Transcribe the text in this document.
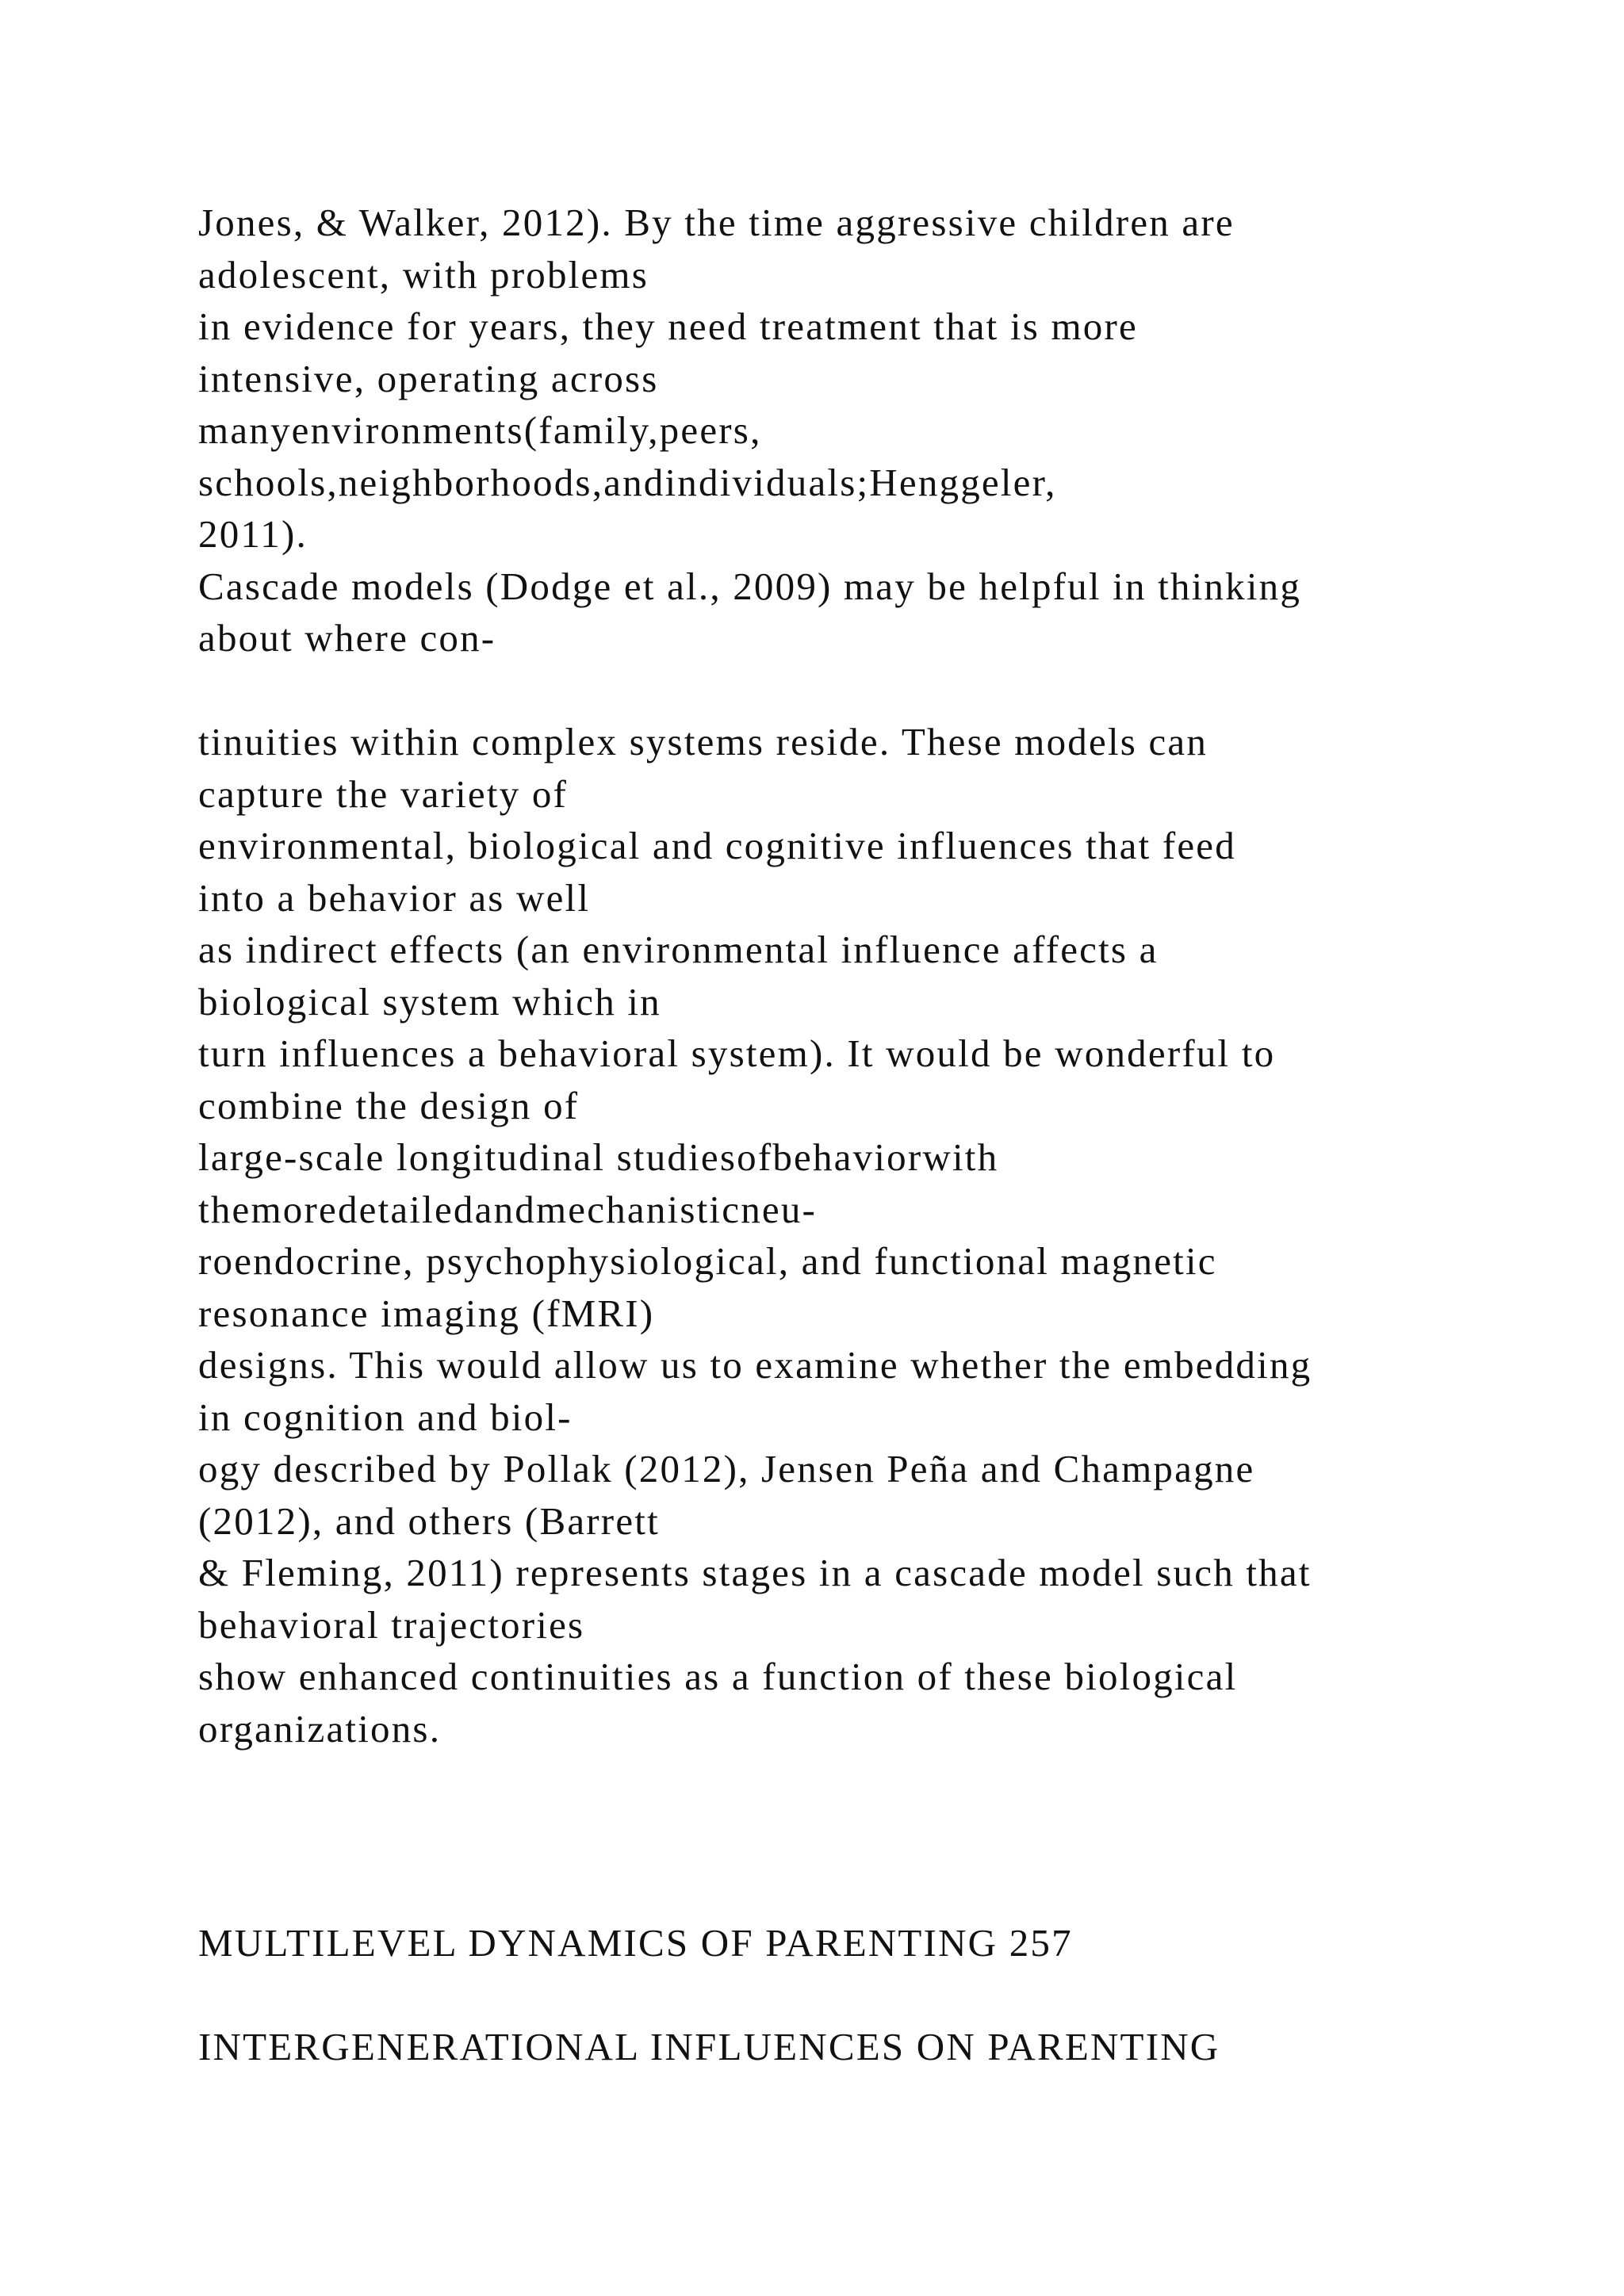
Jones, & Walker, 2012). By the time aggressive children are
adolescent, with problems
in evidence for years, they need treatment that is more
intensive, operating across
manyenvironments(family,peers,
schools,neighborhoods,andindividuals;Henggeler,
2011).
Cascade models (Dodge et al., 2009) may be helpful in thinking
about where con-
tinuities within complex systems reside. These models can
capture the variety of
environmental, biological and cognitive influences that feed
into a behavior as well
as indirect effects (an environmental influence affects a
biological system which in
turn influences a behavioral system). It would be wonderful to
combine the design of
large-scale longitudinal studiesofbehaviorwith
themoredetailedandmechanisticneu-
roendocrine, psychophysiological, and functional magnetic
resonance imaging (fMRI)
designs. This would allow us to examine whether the embedding
in cognition and biol-
ogy described by Pollak (2012), Jensen Peña and Champagne
(2012), and others (Barrett
& Fleming, 2011) represents stages in a cascade model such that
behavioral trajectories
show enhanced continuities as a function of these biological
organizations.

MULTILEVEL DYNAMICS OF PARENTING 257

INTERGENERATIONAL INFLUENCES ON PARENTING
